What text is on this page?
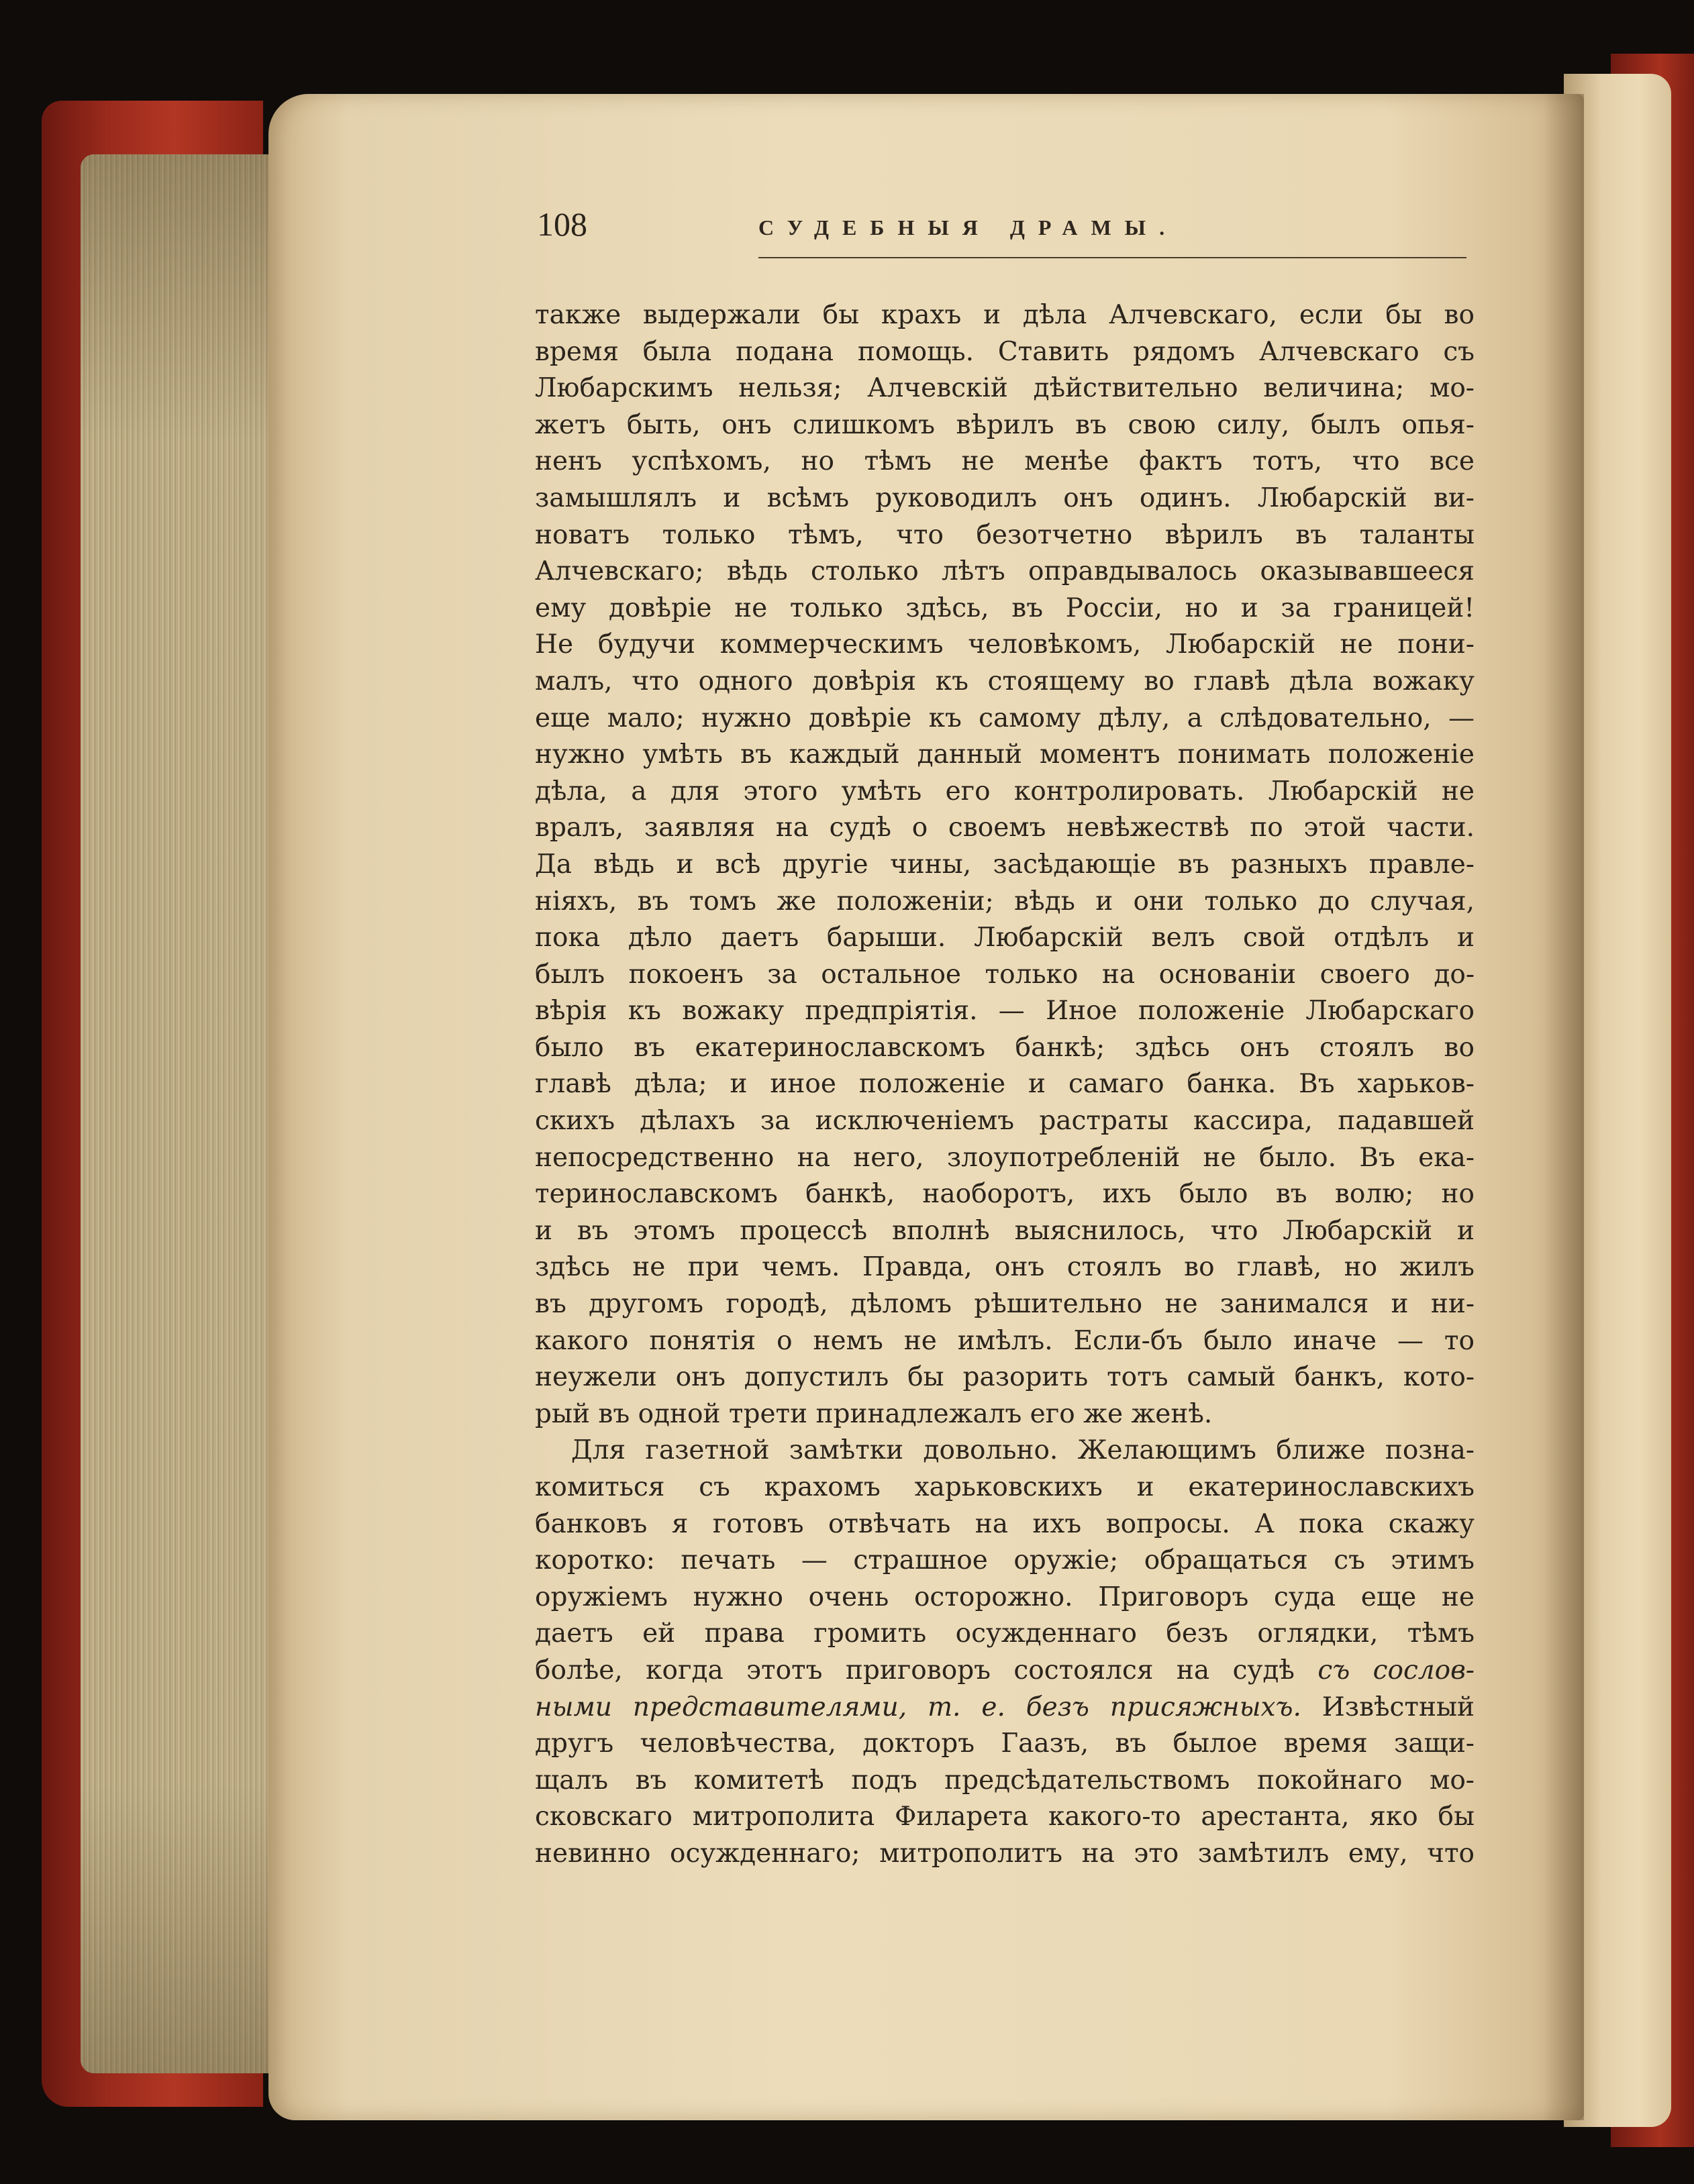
108	СУДЕБНЫЯ ДРАМЫ.
также выдержали бы крахъ и дѣла Алчевскаго, если бы во
время была подана помощь. Ставить рядомъ Алчевскаго съ
Любарскимъ нельзя; Алчевскій дѣйствительно величина; мо-
жетъ быть, онъ слишкомъ вѣрилъ въ свою силу, былъ опья-
ненъ успѣхомъ, но тѣмъ не менѣе фактъ тотъ, что все
замышлялъ и всѣмъ руководилъ онъ одинъ. Любарскій ви-
новатъ только тѣмъ, что безотчетно вѣрилъ въ таланты
Алчевскаго; вѣдь столько лѣтъ оправдывалось оказывавшееся
ему довѣріе не только здѣсь, въ Россіи, но и за границей!
Не будучи коммерческимъ человѣкомъ, Любарскій не пони-
малъ, что одного довѣрія къ стоящему во главѣ дѣла вожаку
еще мало; нужно довѣріе къ самому дѣлу, а слѣдовательно, —
нужно умѣть въ каждый данный моментъ понимать положеніе
дѣла, а для этого умѣть его контролировать. Любарскій не
вралъ, заявляя на судѣ о своемъ невѣжествѣ по этой части.
Да вѣдь и всѣ другіе чины, засѣдающіе въ разныхъ правле-
ніяхъ, въ томъ же положеніи; вѣдь и они только до случая,
пока дѣло даетъ барыши. Любарскій велъ свой отдѣлъ и
былъ покоенъ за остальное только на основаніи своего до-
вѣрія къ вожаку предпріятія. — Иное положеніе Любарскаго
было въ екатеринославскомъ банкѣ; здѣсь онъ стоялъ во
главѣ дѣла; и иное положеніе и самаго банка. Въ харьков-
скихъ дѣлахъ за исключеніемъ растраты кассира, падавшей
непосредственно на него, злоупотребленій не было. Въ ека-
теринославскомъ банкѣ, наоборотъ, ихъ было въ волю; но
и въ этомъ процессѣ вполнѣ выяснилось, что Любарскій и
здѣсь не при чемъ. Правда, онъ стоялъ во главѣ, но жилъ
въ другомъ городѣ, дѣломъ рѣшительно не занимался и ни-
какого понятія о немъ не имѣлъ. Если-бъ было иначе — то
неужели онъ допустилъ бы разорить тотъ самый банкъ, кото-
рый въ одной трети принадлежалъ его же женѣ.
Для газетной замѣтки довольно. Желающимъ ближе позна-
комиться съ крахомъ харьковскихъ и екатеринославскихъ
банковъ я готовъ отвѣчать на ихъ вопросы. А пока скажу
коротко: печать — страшное оружіе; обращаться съ этимъ
оружіемъ нужно очень осторожно. Приговоръ суда еще не
даетъ ей права громить осужденнаго безъ оглядки, тѣмъ
болѣе, когда этотъ приговоръ состоялся на судѣ съ сослов-
ными представителями, т. е. безъ присяжныхъ. Извѣстный
другъ человѣчества, докторъ Гаазъ, въ былое время защи-
щалъ въ комитетѣ подъ предсѣдательствомъ покойнаго мо-
сковскаго митрополита Филарета какого-то арестанта, яко бы
невинно осужденнаго; митрополитъ на это замѣтилъ ему, что
